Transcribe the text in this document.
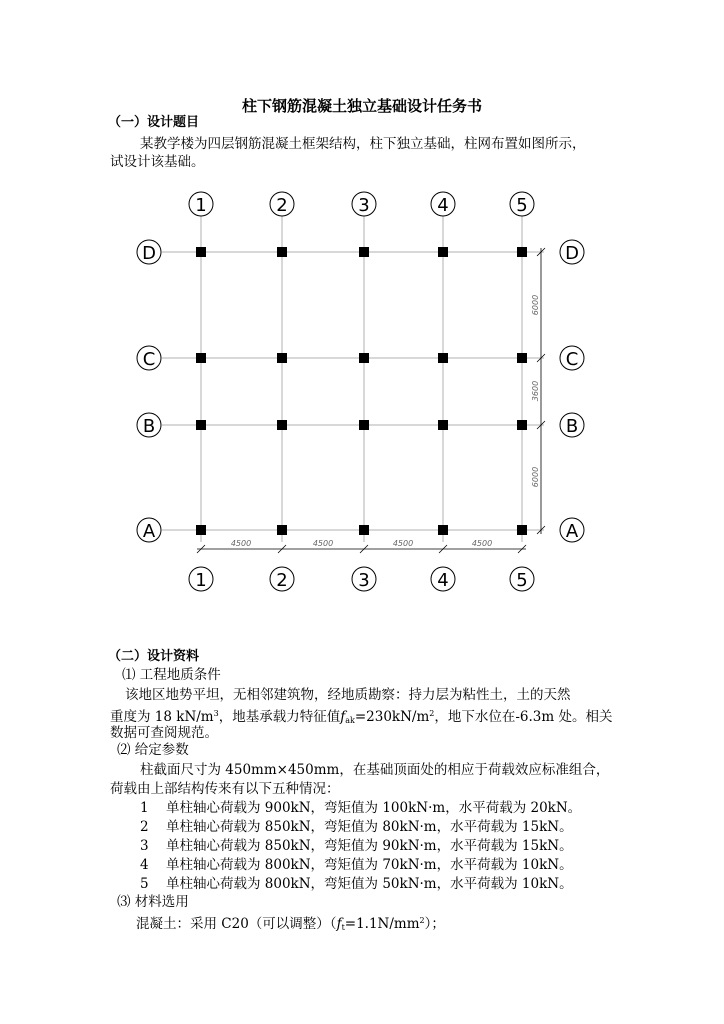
柱下钢筋混凝土独立基础设计任务书
（一）设计题目
某教学楼为四层钢筋混凝土框架结构，柱下独立基础，柱网布置如图所示，
试设计该基础。
1	2	3	4	5
1	2	3	4	5
D
C
B
A
D
C
B
A
4500	4500	4500	4500
6000
3600
6000
（二）设计资料
⑴ 工程地质条件
该地区地势平坦，无相邻建筑物，经地质勘察：持力层为粘性土，土的天然
重度为 18 $kN/m^3$，地基承载力特征值$f_{ak}=230kN/m^2$，地下水位在-6.3m 处。相关
数据可查阅规范。
⑵ 给定参数
柱截面尺寸为 450mm×450mm，在基础顶面处的相应于荷载效应标准组合，
荷载由上部结构传来有以下五种情况：
1 单柱轴心荷载为 900kN，弯矩值为 100kN·m，水平荷载为 20kN。
2 单柱轴心荷载为 850kN，弯矩值为 80kN·m，水平荷载为 15kN。
3 单柱轴心荷载为 850kN，弯矩值为 90kN·m，水平荷载为 15kN。
4 单柱轴心荷载为 800kN，弯矩值为 70kN·m，水平荷载为 10kN。
5 单柱轴心荷载为 800kN，弯矩值为 50kN·m，水平荷载为 10kN。
⑶ 材料选用
混凝土：采用 C20（可以调整）$(f_t=1.1N/mm^2)$；
